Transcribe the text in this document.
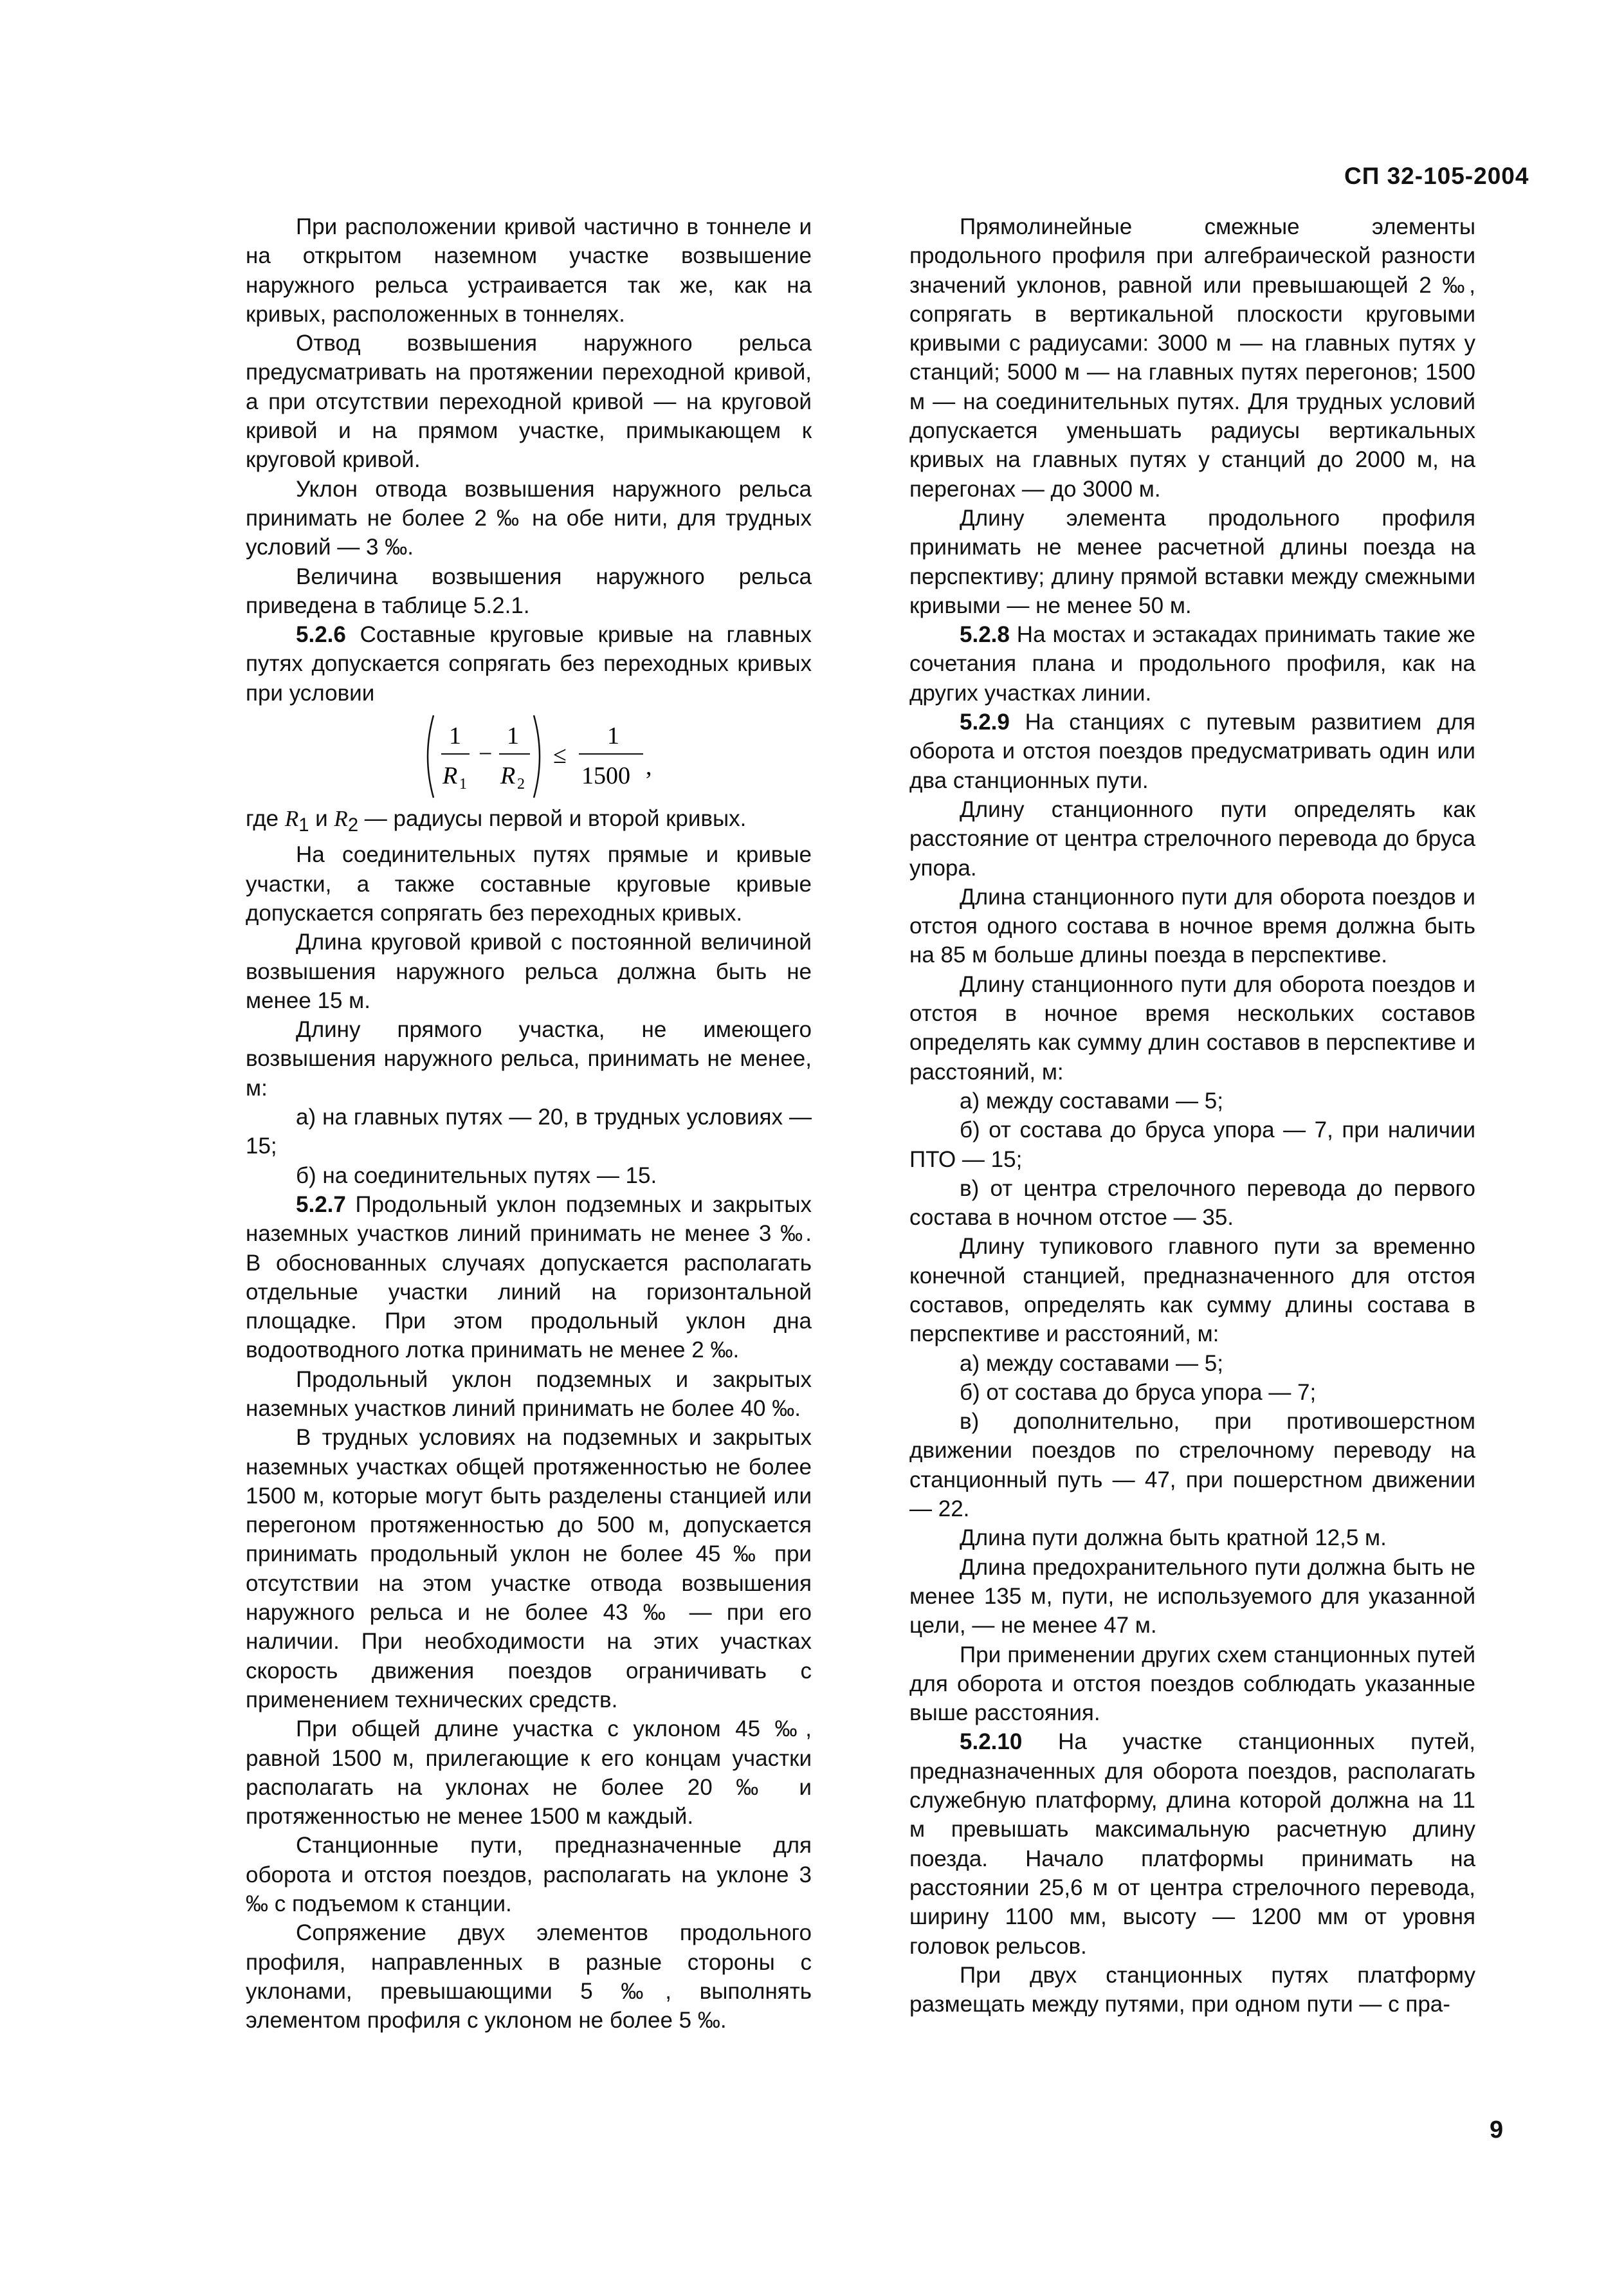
СП 32-105-2004

При расположении кривой частично в тоннеле и на открытом наземном участке возвышение наружного рельса устраивается так же, как на кривых, расположенных в тоннелях.

Отвод возвышения наружного рельса предусматривать на протяжении переходной кривой, а при отсутствии переходной кривой — на круговой кривой и на прямом участке, примыкающем к круговой кривой.

Уклон отвода возвышения наружного рельса принимать не более 2 ‰ на обе нити, для трудных условий — 3 ‰.

Величина возвышения наружного рельса приведена в таблице 5.2.1.

5.2.6 Составные круговые кривые на главных путях допускается сопрягать без переходных кривых при условии

1
R 1
−
1
R 2
≤
1
1500 ,

где $R_1$ и $R_2$ — радиусы первой и второй кривых.

На соединительных путях прямые и кривые участки, а также составные круговые кривые допускается сопрягать без переходных кривых.

Длина круговой кривой с постоянной величиной возвышения наружного рельса должна быть не менее 15 м.

Длину прямого участка, не имеющего возвышения наружного рельса, принимать не менее, м:

а) на главных путях — 20, в трудных условиях — 15;

б) на соединительных путях — 15.

5.2.7 Продольный уклон подземных и закрытых наземных участков линий принимать не менее 3 ‰. В обоснованных случаях допускается располагать отдельные участки линий на горизонтальной площадке. При этом продольный уклон дна водоотводного лотка принимать не менее 2 ‰.

Продольный уклон подземных и закрытых наземных участков линий принимать не более 40 ‰.

В трудных условиях на подземных и закрытых наземных участках общей протяженностью не более 1500 м, которые могут быть разделены станцией или перегоном протяженностью до 500 м, допускается принимать продольный уклон не более 45 ‰ при отсутствии на этом участке отвода возвышения наружного рельса и не более 43 ‰ — при его наличии. При необходимости на этих участках скорость движения поездов ограничивать с применением технических средств.

При общей длине участка с уклоном 45 ‰, равной 1500 м, прилегающие к его концам участки располагать на уклонах не более 20 ‰ и протяженностью не менее 1500 м каждый.

Станционные пути, предназначенные для оборота и отстоя поездов, располагать на уклоне 3 ‰ с подъемом к станции.

Сопряжение двух элементов продольного профиля, направленных в разные стороны с уклонами, превышающими 5 ‰, выполнять элементом профиля с уклоном не более 5 ‰.

Прямолинейные смежные элементы продольного профиля при алгебраической разности значений уклонов, равной или превышающей 2 ‰, сопрягать в вертикальной плоскости круговыми кривыми с радиусами: 3000 м — на главных путях у станций; 5000 м — на главных путях перегонов; 1500 м — на соединительных путях. Для трудных условий допускается уменьшать радиусы вертикальных кривых на главных путях у станций до 2000 м, на перегонах — до 3000 м.

Длину элемента продольного профиля принимать не менее расчетной длины поезда на перспективу; длину прямой вставки между смежными кривыми — не менее 50 м.

5.2.8 На мостах и эстакадах принимать такие же сочетания плана и продольного профиля, как на других участках линии.

5.2.9 На станциях с путевым развитием для оборота и отстоя поездов предусматривать один или два станционных пути.

Длину станционного пути определять как расстояние от центра стрелочного перевода до бруса упора.

Длина станционного пути для оборота поездов и отстоя одного состава в ночное время должна быть на 85 м больше длины поезда в перспективе.

Длину станционного пути для оборота поездов и отстоя в ночное время нескольких составов определять как сумму длин составов в перспективе и расстояний, м:

а) между составами — 5;

б) от состава до бруса упора — 7, при наличии ПТО — 15;

в) от центра стрелочного перевода до первого состава в ночном отстое — 35.

Длину тупикового главного пути за временно конечной станцией, предназначенного для отстоя составов, определять как сумму длины состава в перспективе и расстояний, м:

а) между составами — 5;

б) от состава до бруса упора — 7;

в) дополнительно, при противошерстном движении поездов по стрелочному переводу на станционный путь — 47, при пошерстном движении — 22.

Длина пути должна быть кратной 12,5 м.

Длина предохранительного пути должна быть не менее 135 м, пути, не используемого для указанной цели, — не менее 47 м.

При применении других схем станционных путей для оборота и отстоя поездов соблюдать указанные выше расстояния.

5.2.10 На участке станционных путей, предназначенных для оборота поездов, располагать служебную платформу, длина которой должна на 11 м превышать максимальную расчетную длину поезда. Начало платформы принимать на расстоянии 25,6 м от центра стрелочного перевода, ширину 1100 мм, высоту — 1200 мм от уровня головок рельсов.

При двух станционных путях платформу размещать между путями, при одном пути — с пра-

9
